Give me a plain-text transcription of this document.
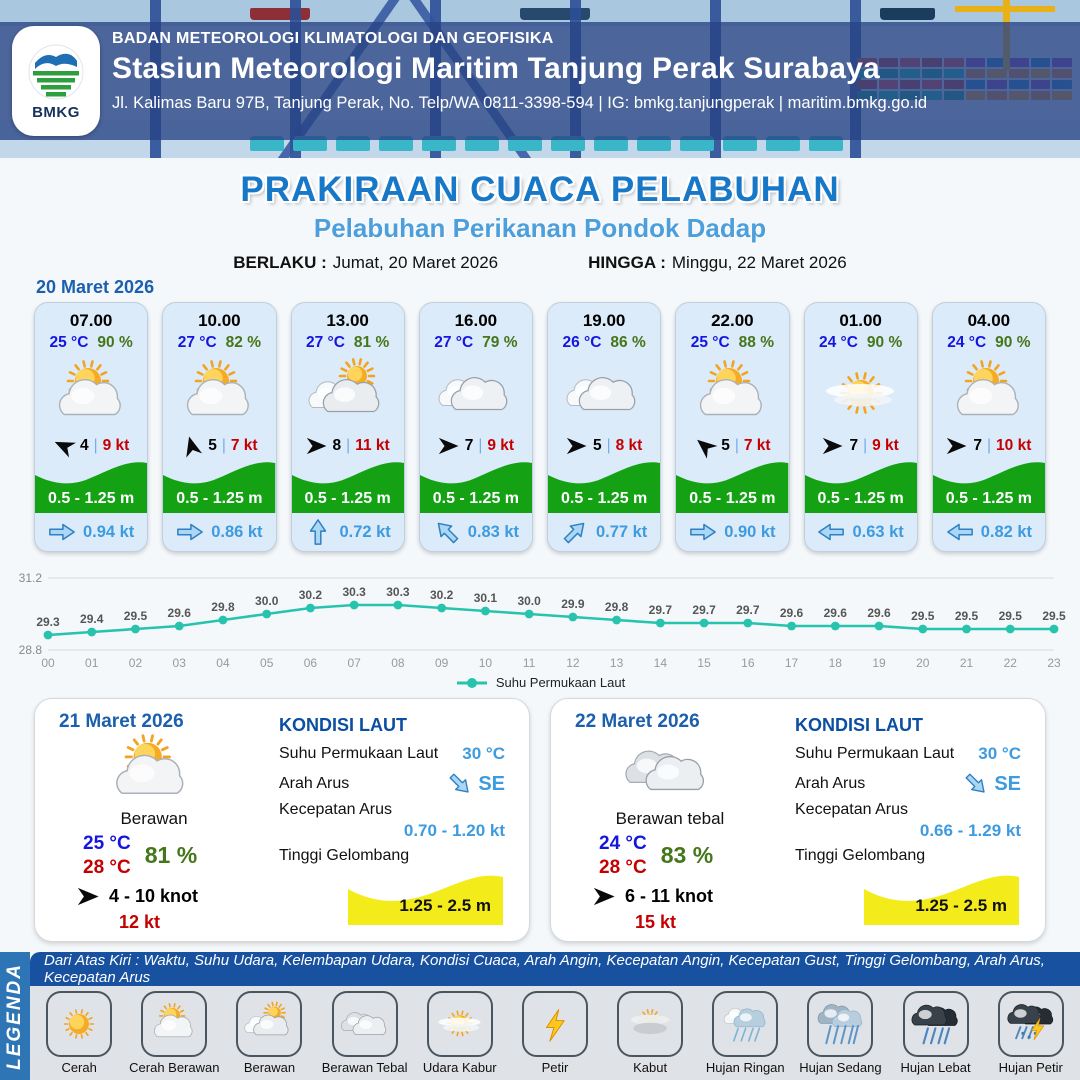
BMKG
BADAN METEOROLOGI KLIMATOLOGI DAN GEOFISIKA
Stasiun Meteorologi Maritim Tanjung Perak Surabaya
Jl. Kalimas Baru 97B, Tanjung Perak, No. Telp/WA 0811-3398-594 | IG: bmkg.tanjungperak | maritim.bmkg.go.id
PRAKIRAAN CUACA PELABUHAN
Pelabuhan Perikanan Pondok Dadap
BERLAKU : Jumat, 20 Maret 2026	HINGGA : Minggu, 22 Maret 2026
20 Maret 2026
07.00
25 °C 90 %
4 | 9 kt
0.5 - 1.25 m
0.94 kt
10.00
27 °C 82 %
5 | 7 kt
0.5 - 1.25 m
0.86 kt
13.00
27 °C 81 %
8 | 11 kt
0.5 - 1.25 m
0.72 kt
16.00
27 °C 79 %
7 | 9 kt
0.5 - 1.25 m
0.83 kt
19.00
26 °C 86 %
5 | 8 kt
0.5 - 1.25 m
0.77 kt
22.00
25 °C 88 %
5 | 7 kt
0.5 - 1.25 m
0.90 kt
01.00
24 °C 90 %
7 | 9 kt
0.5 - 1.25 m
0.63 kt
04.00
24 °C 90 %
7 | 10 kt
0.5 - 1.25 m
0.82 kt
31.2
28.8
29.3
00
29.4
01
29.5
02
29.6
03
29.8
04
30.0
05
30.2
06
30.3
07
30.3
08
30.2
09
30.1
10
30.0
11
29.9
12
29.8
13
29.7
14
29.7
15
29.7
16
29.6
17
29.6
18
29.6
19
29.5
20
29.5
21
29.5
22
29.5
23
Suhu Permukaan Laut
21 Maret 2026
Berawan
25 °C
28 °C 81 %
4 - 10 knot
12 kt
KONDISI LAUT
Suhu Permukaan Laut 30 °C
Arah Arus	SE
Kecepatan Arus
0.70 - 1.20 kt
Tinggi Gelombang
1.25 - 2.5 m
22 Maret 2026
Berawan tebal
24 °C
28 °C 83 %
6 - 11 knot
15 kt
KONDISI LAUT
Suhu Permukaan Laut 30 °C
Arah Arus	SE
Kecepatan Arus
0.66 - 1.29 kt
Tinggi Gelombang
1.25 - 2.5 m
LEGENDA
Dari Atas Kiri : Waktu, Suhu Udara, Kelembapan Udara, Kondisi Cuaca, Arah Angin, Kecepatan Angin, Kecepatan Gust, Tinggi Gelombang, Arah Arus, Kecepatan Arus
Cerah	Cerah Berawan	Berawan	Berawan Tebal	Udara Kabur	Petir	Kabut	Hujan Ringan	Hujan Sedang	Hujan Lebat	Hujan Petir
